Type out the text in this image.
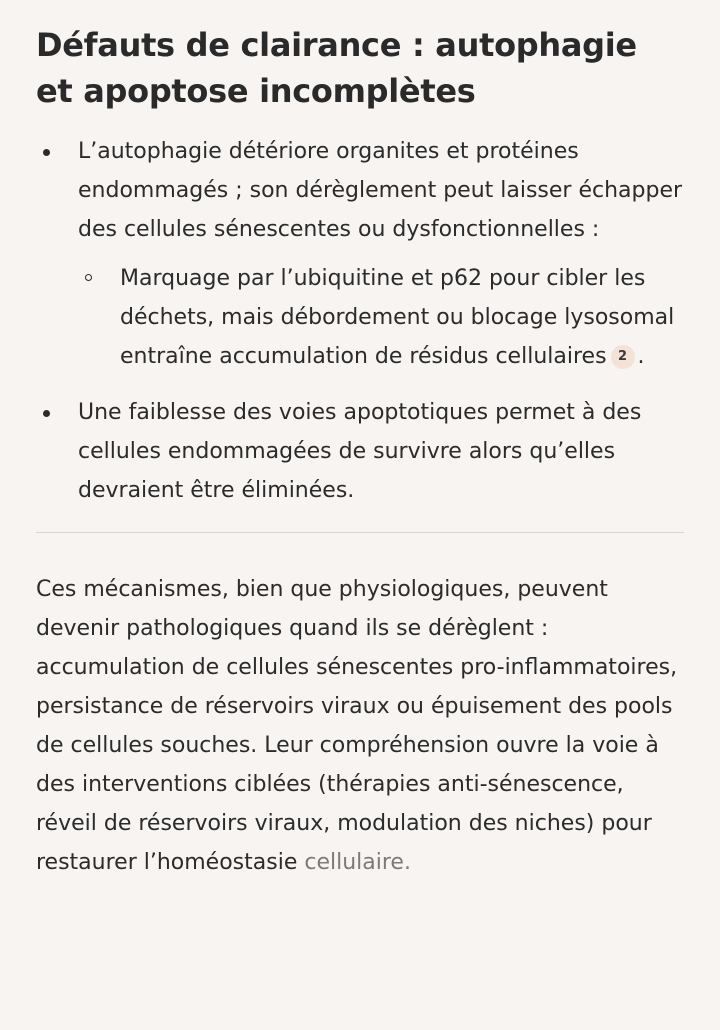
Défauts de clairance : autophagie et apoptose incomplètes
L’autophagie détériore organites et protéines endommagés ; son dérèglement peut laisser échapper des cellules sénescentes ou dysfonctionnelles :
Marquage par l’ubiquitine et p62 pour cibler les déchets, mais débordement ou blocage lysosomal entraîne accumulation de résidus cellulaires 2 .
Une faiblesse des voies apoptotiques permet à des cellules endommagées de survivre alors qu’elles devraient être éliminées.

Ces mécanismes, bien que physiologiques, peuvent devenir pathologiques quand ils se dérèglent : accumulation de cellules sénescentes pro-inflammatoires, persistance de réservoirs viraux ou épuisement des pools de cellules souches. Leur compréhension ouvre la voie à des interventions ciblées (thérapies anti-sénescence, réveil de réservoirs viraux, modulation des niches) pour restaurer l’homéostasie cellulaire.
